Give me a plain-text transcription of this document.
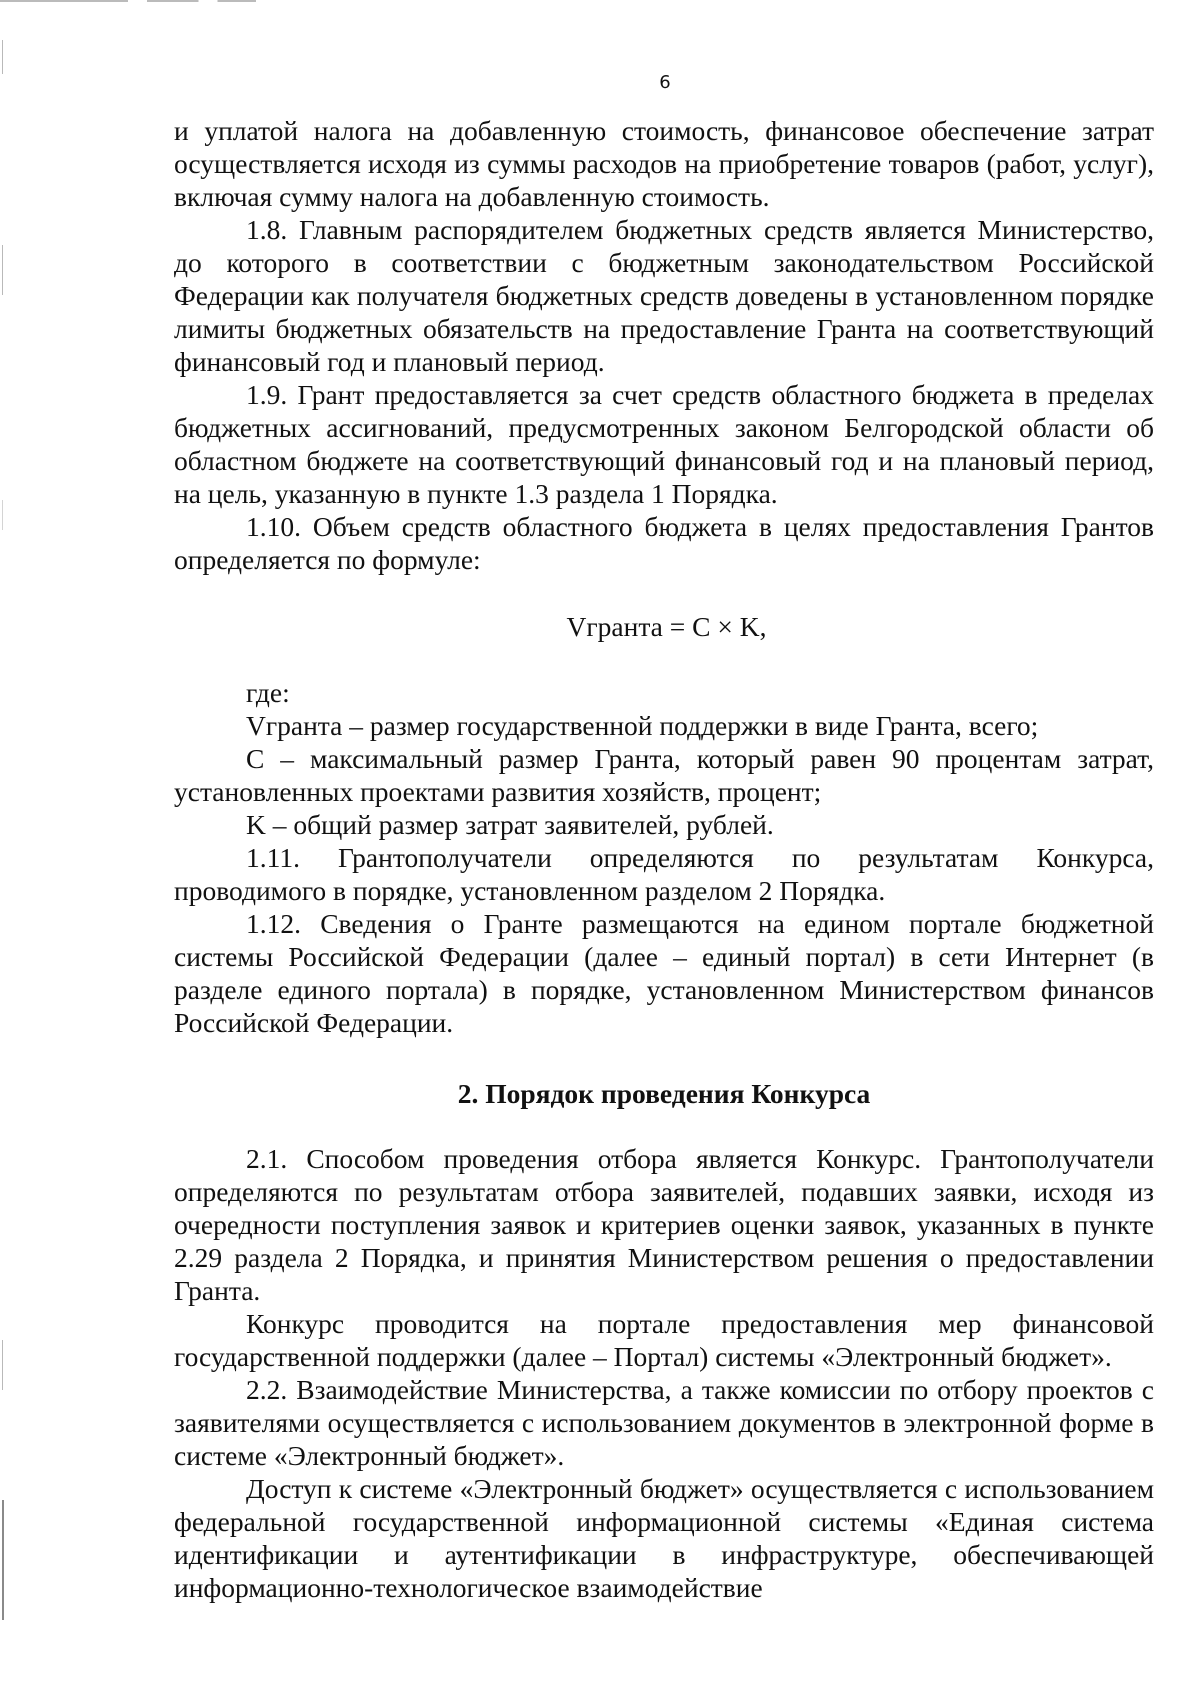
6

и уплатой налога на добавленную стоимость, финансовое обеспечение затрат осуществляется исходя из суммы расходов на приобретение товаров (работ, услуг), включая сумму налога на добавленную стоимость.

1.8. Главным распорядителем бюджетных средств является Министерство, до которого в соответствии с бюджетным законодательством Российской Федерации как получателя бюджетных средств доведены в установленном порядке лимиты бюджетных обязательств на предоставление Гранта на соответствующий финансовый год и плановый период.

1.9. Грант предоставляется за счет средств областного бюджета в пределах бюджетных ассигнований, предусмотренных законом Белгородской области об областном бюджете на соответствующий финансовый год и на плановый период, на цель, указанную в пункте 1.3 раздела 1 Порядка.

1.10. Объем средств областного бюджета в целях предоставления Грантов определяется по формуле:

Vгранта = C × K,

где:

Vгранта – размер государственной поддержки в виде Гранта, всего;

C – максимальный размер Гранта, который равен 90 процентам затрат, установленных проектами развития хозяйств, процент;

K – общий размер затрат заявителей, рублей.

1.11. Грантополучатели определяются по результатам Конкурса, проводимого в порядке, установленном разделом 2 Порядка.

1.12. Сведения о Гранте размещаются на едином портале бюджетной системы Российской Федерации (далее – единый портал) в сети Интернет (в разделе единого портала) в порядке, установленном Министерством финансов Российской Федерации.

2. Порядок проведения Конкурса

2.1. Способом проведения отбора является Конкурс. Грантополучатели определяются по результатам отбора заявителей, подавших заявки, исходя из очередности поступления заявок и критериев оценки заявок, указанных в пункте 2.29 раздела 2 Порядка, и принятия Министерством решения о предоставлении Гранта.

Конкурс проводится на портале предоставления мер финансовой государственной поддержки (далее – Портал) системы «Электронный бюджет».

2.2. Взаимодействие Министерства, а также комиссии по отбору проектов с заявителями осуществляется с использованием документов в электронной форме в системе «Электронный бюджет».

Доступ к системе «Электронный бюджет» осуществляется с использованием федеральной государственной информационной системы «Единая система идентификации и аутентификации в инфраструктуре, обеспечивающей информационно-технологическое взаимодействие
